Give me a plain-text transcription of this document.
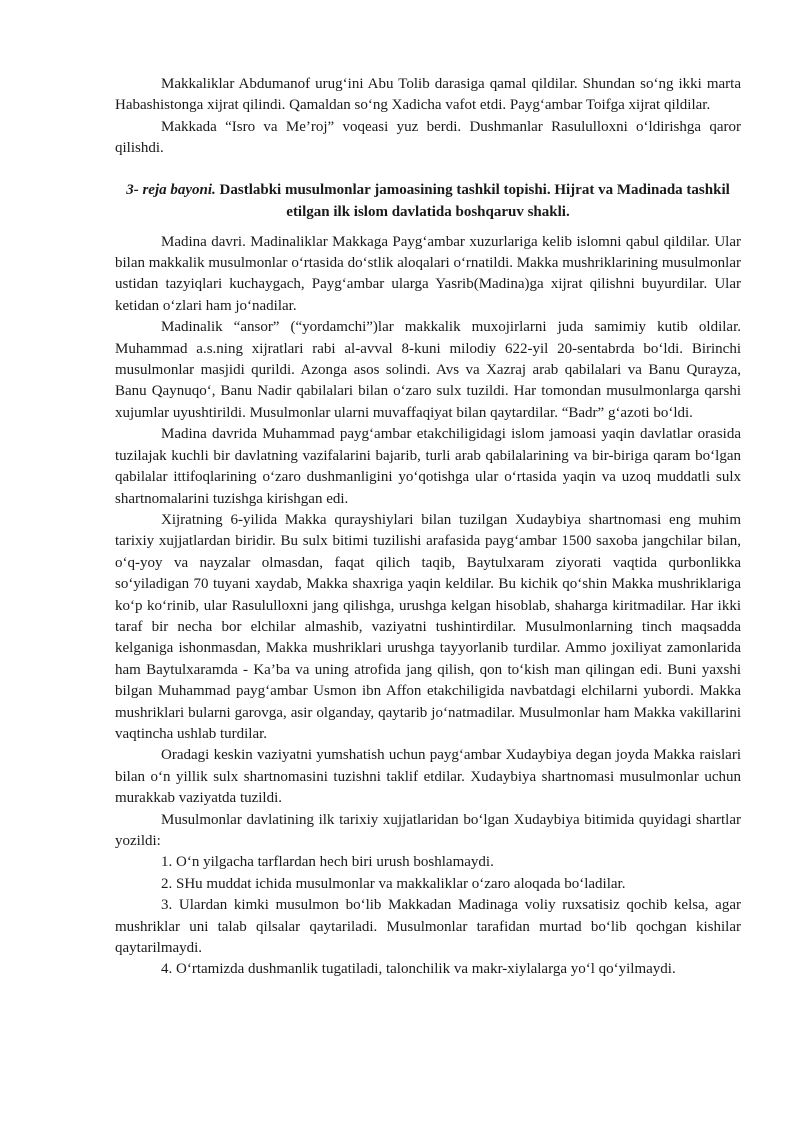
Makkaliklar Abdumanof urug‘ini Abu Tolib darasiga qamal qildilar. Shundan so‘ng ikki marta Habashistonga xijrat qilindi. Qamaldan so‘ng Xadicha vafot etdi. Payg‘ambar Toifga xijrat qildilar.

Makkada “Isro va Me’roj” voqeasi yuz berdi. Dushmanlar Rasululloxni o‘ldirishga qaror qilishdi.

3- reja bayoni. Dastlabki musulmonlar jamoasining tashkil topishi. Hijrat va Madinada tashkil etilgan ilk islom davlatida boshqaruv shakli.

Madina davri. Madinaliklar Makkaga Payg‘ambar xuzurlariga kelib islomni qabul qildilar. Ular bilan makkalik musulmonlar o‘rtasida do‘stlik aloqalari o‘rnatildi. Makka mushriklarining musulmonlar ustidan tazyiqlari kuchaygach, Payg‘ambar ularga Yasrib(Madina)ga xijrat qilishni buyurdilar. Ular ketidan o‘zlari ham jo‘nadilar.

Madinalik “ansor” (“yordamchi”)lar makkalik muxojirlarni juda samimiy kutib oldilar. Muhammad a.s.ning xijratlari rabi al-avval 8-kuni milodiy 622-yil 20-sentabrda bo‘ldi. Birinchi musulmonlar masjidi qurildi. Azonga asos solindi. Avs va Xazraj arab qabilalari va Banu Qurayza, Banu Qaynuqo‘, Banu Nadir qabilalari bilan o‘zaro sulx tuzildi. Har tomondan musulmonlarga qarshi xujumlar uyushtirildi. Musulmonlar ularni muvaffaqiyat bilan qaytardilar. “Badr” g‘azoti bo‘ldi.

Madina davrida Muhammad payg‘ambar etakchiligidagi islom jamoasi yaqin davlatlar orasida tuzilajak kuchli bir davlatning vazifalarini bajarib, turli arab qabilalarining va bir-biriga qaram bo‘lgan qabilalar ittifoqlarining o‘zaro dushmanligini yo‘qotishga ular o‘rtasida yaqin va uzoq muddatli sulx shartnomalarini tuzishga kirishgan edi.

Xijratning 6-yilida Makka qurayshiylari bilan tuzilgan Xudaybiya shartnomasi eng muhim tarixiy xujjatlardan biridir. Bu sulx bitimi tuzilishi arafasida payg‘ambar 1500 saxoba jangchilar bilan, o‘q-yoy va nayzalar olmasdan, faqat qilich taqib, Baytulxaram ziyorati vaqtida qurbonlikka so‘yiladigan 70 tuyani xaydab, Makka shaxriga yaqin keldilar. Bu kichik qo‘shin Makka mushriklariga ko‘p ko‘rinib, ular Rasululloxni jang qilishga, urushga kelgan hisoblab, shaharga kiritmadilar. Har ikki taraf bir necha bor elchilar almashib, vaziyatni tushintirdilar. Musulmonlarning tinch maqsadda kelganiga ishonmasdan, Makka mushriklari urushga tayyorlanib turdilar. Ammo joxiliyat zamonlarida ham Baytulxaramda - Ka’ba va uning atrofida jang qilish, qon to‘kish man qilingan edi. Buni yaxshi bilgan Muhammad payg‘ambar Usmon ibn Affon etakchiligida navbatdagi elchilarni yubordi. Makka mushriklari bularni garovga, asir olganday, qaytarib jo‘natmadilar. Musulmonlar ham Makka vakillarini vaqtincha ushlab turdilar.

Oradagi keskin vaziyatni yumshatish uchun payg‘ambar Xudaybiya degan joyda Makka raislari bilan o‘n yillik sulx shartnomasini tuzishni taklif etdilar. Xudaybiya shartnomasi musulmonlar uchun murakkab vaziyatda tuzildi.

Musulmonlar davlatining ilk tarixiy xujjatlaridan bo‘lgan Xudaybiya bitimida quyidagi shartlar yozildi:

1. O‘n yilgacha tarflardan hech biri urush boshlamaydi.

2. SHu muddat ichida musulmonlar va makkaliklar o‘zaro aloqada bo‘ladilar.

3. Ulardan kimki musulmon bo‘lib Makkadan Madinaga voliy ruxsatisiz qochib kelsa, agar mushriklar uni talab qilsalar qaytariladi. Musulmonlar tarafidan murtad bo‘lib qochgan kishilar qaytarilmaydi.

4. O‘rtamizda dushmanlik tugatiladi, talonchilik va makr-xiylalarga yo‘l qo‘yilmaydi.
